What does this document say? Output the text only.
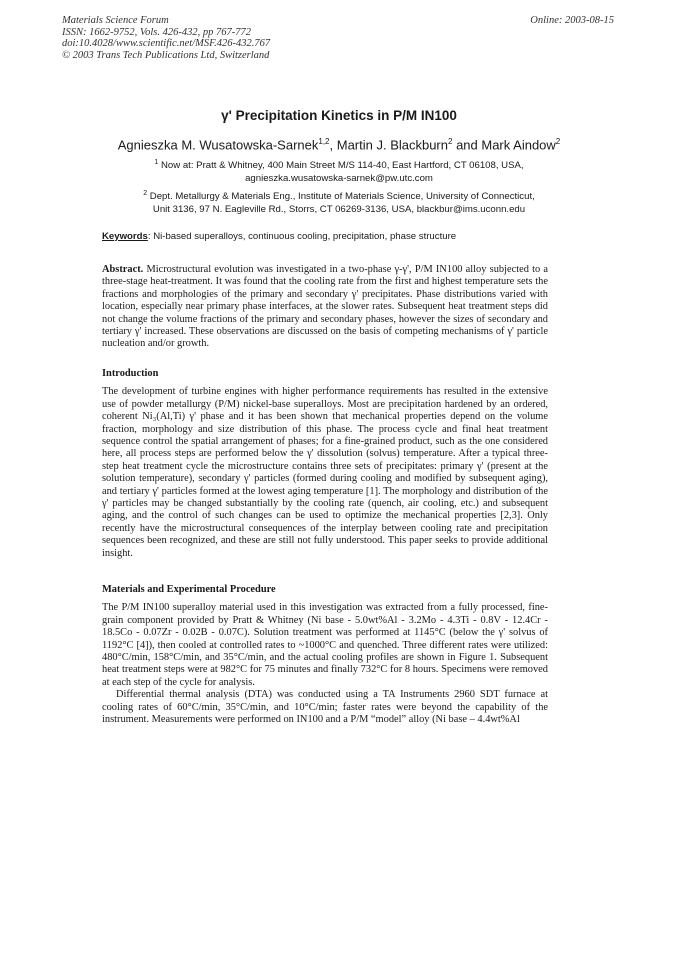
Materials Science Forum
ISSN: 1662-9752, Vols. 426-432, pp 767-772
doi:10.4028/www.scientific.net/MSF.426-432.767
© 2003 Trans Tech Publications Ltd, Switzerland
Online: 2003-08-15
γ' Precipitation Kinetics in P/M IN100
Agnieszka M. Wusatowska-Sarnek$^{1,2}$, Martin J. Blackburn$^2$ and Mark Aindow$^2$
$^1$ Now at: Pratt & Whitney, 400 Main Street M/S 114-40, East Hartford, CT 06108, USA,
agnieszka.wusatowska-sarnek@pw.utc.com
$^2$ Dept. Metallurgy & Materials Eng., Institute of Materials Science, University of Connecticut,
Unit 3136, 97 N. Eagleville Rd., Storrs, CT 06269-3136, USA, blackbur@ims.uconn.edu
Keywords: Ni-based superalloys, continuous cooling, precipitation, phase structure

Abstract. Microstructural evolution was investigated in a two-phase γ-γ', P/M IN100 alloy subjected to a three-stage heat-treatment. It was found that the cooling rate from the first and highest temperature sets the fractions and morphologies of the primary and secondary γ' precipitates. Phase distributions varied with location, especially near primary phase interfaces, at the slower rates. Subsequent heat treatment steps did not change the volume fractions of the primary and secondary phases, however the sizes of secondary and tertiary γ' increased. These observations are discussed on the basis of competing mechanisms of γ' particle nucleation and/or growth.

Introduction

The development of turbine engines with higher performance requirements has resulted in the extensive use of powder metallurgy (P/M) nickel-base superalloys. Most are precipitation hardened by an ordered, coherent Ni₃(Al,Ti) γ' phase and it has been shown that mechanical properties depend on the volume fraction, morphology and size distribution of this phase. The process cycle and final heat treatment sequence control the spatial arrangement of phases; for a fine-grained product, such as the one considered here, all process steps are performed below the γ' dissolution (solvus) temperature. After a typical three-step heat treatment cycle the microstructure contains three sets of precipitates: primary γ' (present at the solution temperature), secondary γ' particles (formed during cooling and modified by subsequent aging), and tertiary γ' particles formed at the lowest aging temperature [1]. The morphology and distribution of the γ' particles may be changed substantially by the cooling rate (quench, air cooling, etc.) and subsequent aging, and the control of such changes can be used to optimize the mechanical properties [2,3]. Only recently have the microstructural consequences of the interplay between cooling rate and precipitation sequences been recognized, and these are still not fully understood. This paper seeks to provide additional insight.

Materials and Experimental Procedure

The P/M IN100 superalloy material used in this investigation was extracted from a fully processed, fine-grain component provided by Pratt & Whitney (Ni base - 5.0wt%Al - 3.2Mo - 4.3Ti - 0.8V - 12.4Cr - 18.5Co - 0.07Zr - 0.02B - 0.07C). Solution treatment was performed at 1145°C (below the γ' solvus of 1192°C [4]), then cooled at controlled rates to ~1000°C and quenched. Three different rates were utilized: 480°C/min, 158°C/min, and 35°C/min, and the actual cooling profiles are shown in Figure 1. Subsequent heat treatment steps were at 982°C for 75 minutes and finally 732°C for 8 hours. Specimens were removed at each step of the cycle for analysis.

Differential thermal analysis (DTA) was conducted using a TA Instruments 2960 SDT furnace at cooling rates of 60°C/min, 35°C/min, and 10°C/min; faster rates were beyond the capability of the instrument. Measurements were performed on IN100 and a P/M “model” alloy (Ni base – 4.4wt%Al
